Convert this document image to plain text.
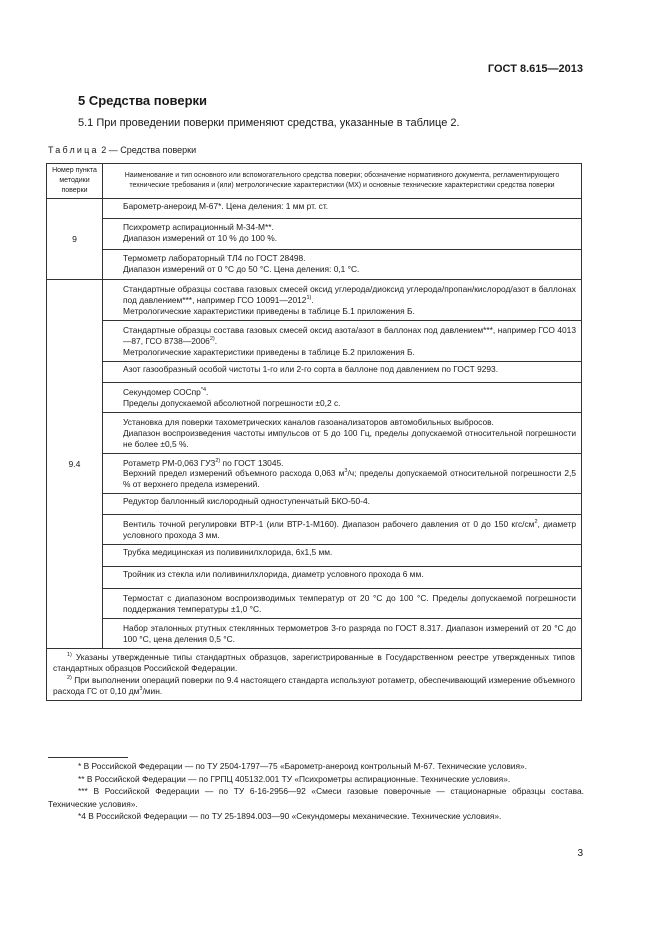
ГОСТ 8.615—2013
5 Средства поверки
5.1 При проведении поверки применяют средства, указанные в таблице 2.
Таблица 2 — Средства поверки
Номер пункта методики поверки	Наименование и тип основного или вспомогательного средства поверки; обозначение нормативного документа, регламентирующего технические требования и (или) метрологические характеристики (МХ) и основные технические характеристики средства поверки
9	Барометр-анероид М-67*. Цена деления: 1 мм рт. ст.

	Психрометр аспирационный М-34-М**.
Диапазон измерений от 10 % до 100 %.

	Термометр лабораторный ТЛ4 по ГОСТ 28498.
Диапазон измерений от 0 °С до 50 °С. Цена деления: 0,1 °С.

9.4	Стандартные образцы состава газовых смесей оксид углерода/диоксид углерода/пропан/кислород/азот в баллонах под давлением***, например ГСО 10091—2012$^{1)}$.
Метрологические характеристики приведены в таблице Б.1 приложения Б.

	Стандартные образцы состава газовых смесей оксид азота/азот в баллонах под давлением***, например ГСО 4013—87, ГСО 8738—2006$^{2)}$.
Метрологические характеристики приведены в таблице Б.2 приложения Б.

	Азот газообразный особой чистоты 1-го или 2-го сорта в баллоне под давлением по ГОСТ 9293.

	Секундомер СОСпр$^{*4}$.
Пределы допускаемой абсолютной погрешности ±0,2 с.

	Установка для поверки тахометрических каналов газоанализаторов автомобильных выбросов.
Диапазон воспроизведения частоты импульсов от 5 до 100 Гц, пределы допускаемой относительной погрешности не более ±0,5 %.

	Ротаметр РМ-0,063 ГУЗ$^{2)}$ по ГОСТ 13045.
Верхний предел измерений объемного расхода 0,063 $м^3/ч$; пределы допускаемой относительной погрешности 2,5 % от верхнего предела измерений.

	Редуктор баллонный кислородный одноступенчатый БКО-50-4.

	Вентиль точной регулировки ВТР-1 (или ВТР-1-М160). Диапазон рабочего давления от 0 до 150 кгс/$см^2$, диаметр условного прохода 3 мм.

	Трубка медицинская из поливинилхлорида, 6х1,5 мм.

	Тройник из стекла или поливинилхлорида, диаметр условного прохода 6 мм.

	Термостат с диапазоном воспроизводимых температур от 20 °С до 100 °С. Пределы допускаемой погрешности поддержания температуры ±1,0 °С.

	Набор эталонных ртутных стеклянных термометров 3-го разряда по ГОСТ 8.317. Диапазон измерений от 20 °С до 100 °С, цена деления 0,5 °С.

$^{1)}$ Указаны утвержденные типы стандартных образцов, зарегистрированные в Государственном реестре утвержденных типов стандартных образцов Российской Федерации.
$^{2)}$ При выполнении операций поверки по 9.4 настоящего стандарта используют ротаметр, обеспечивающий измерение объемного расхода ГС от 0,10 $дм^3$/мин.	
* В Российской Федерации — по ТУ 2504-1797—75 «Барометр-анероид контрольный М-67. Технические условия».
** В Российской Федерации — по ГРПЦ 405132.001 ТУ «Психрометры аспирационные. Технические условия».
*** В Российской Федерации — по ТУ 6-16-2956—92 «Смеси газовые поверочные — стационарные образцы состава. Технические условия».
*4 В Российской Федерации — по ТУ 25-1894.003—90 «Секундомеры механические. Технические условия».
3
